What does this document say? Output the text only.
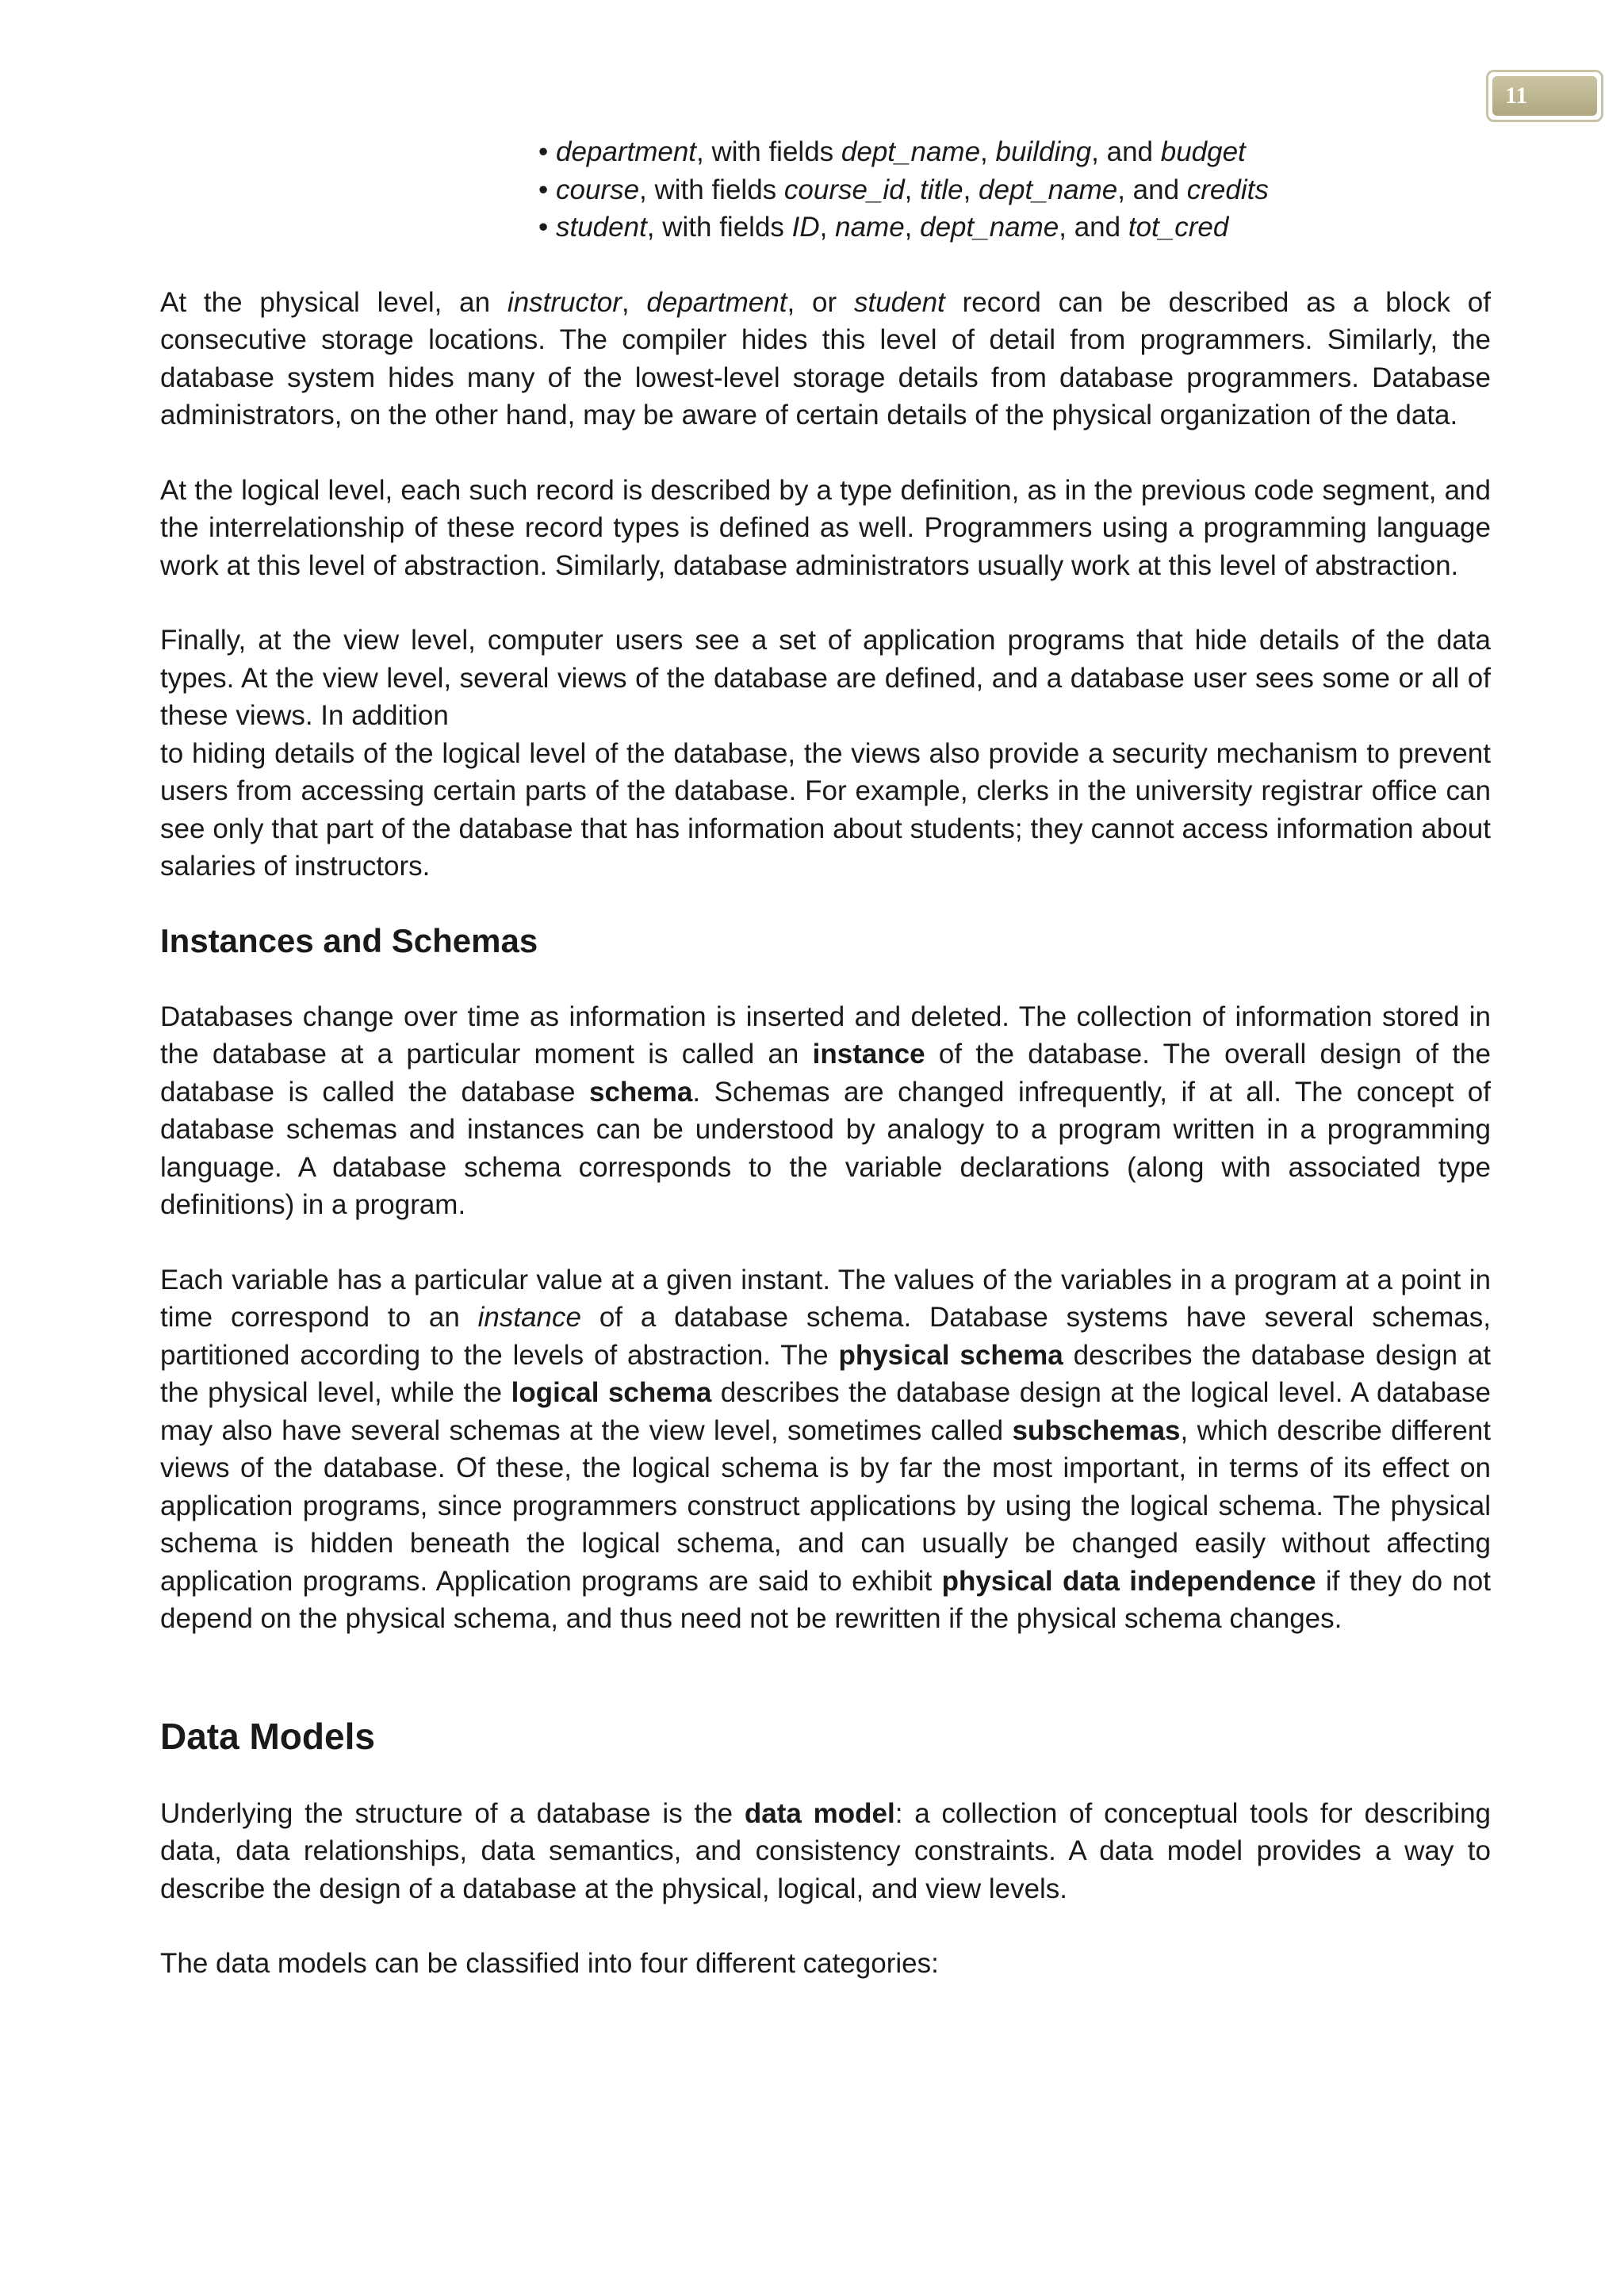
11
• department, with fields dept_name, building, and budget
• course, with fields course_id, title, dept_name, and credits
• student, with fields ID, name, dept_name, and tot_cred

At the physical level, an instructor, department, or student record can be described as a block of consecutive storage locations. The compiler hides this level of detail from programmers. Similarly, the database system hides many of the lowest-level storage details from database programmers. Database administrators, on the other hand, may be aware of certain details of the physical organization of the data.

At the logical level, each such record is described by a type definition, as in the previous code segment, and the interrelationship of these record types is defined as well. Programmers using a programming language work at this level of abstraction. Similarly, database administrators usually work at this level of abstraction.

Finally, at the view level, computer users see a set of application programs that hide details of the data types. At the view level, several views of the database are defined, and a database user sees some or all of these views. In addition

to hiding details of the logical level of the database, the views also provide a security mechanism to prevent users from accessing certain parts of the database. For example, clerks in the university registrar office can see only that part of the database that has information about students; they cannot access information about salaries of instructors.

Instances and Schemas

Databases change over time as information is inserted and deleted. The collection of information stored in the database at a particular moment is called an instance of the database. The overall design of the database is called the database schema. Schemas are changed infrequently, if at all. The concept of database schemas and instances can be understood by analogy to a program written in a programming language. A database schema corresponds to the variable declarations (along with associated type definitions) in a program.

Each variable has a particular value at a given instant. The values of the variables in a program at a point in time correspond to an instance of a database schema. Database systems have several schemas, partitioned according to the levels of abstraction. The physical schema describes the database design at the physical level, while the logical schema describes the database design at the logical level. A database may also have several schemas at the view level, sometimes called subschemas, which describe different views of the database. Of these, the logical schema is by far the most important, in terms of its effect on application programs, since programmers construct applications by using the logical schema. The physical schema is hidden beneath the logical schema, and can usually be changed easily without affecting application programs. Application programs are said to exhibit physical data independence if they do not depend on the physical schema, and thus need not be rewritten if the physical schema changes.

Data Models

Underlying the structure of a database is the data model: a collection of conceptual tools for describing data, data relationships, data semantics, and consistency constraints. A data model provides a way to describe the design of a database at the physical, logical, and view levels.

The data models can be classified into four different categories:
